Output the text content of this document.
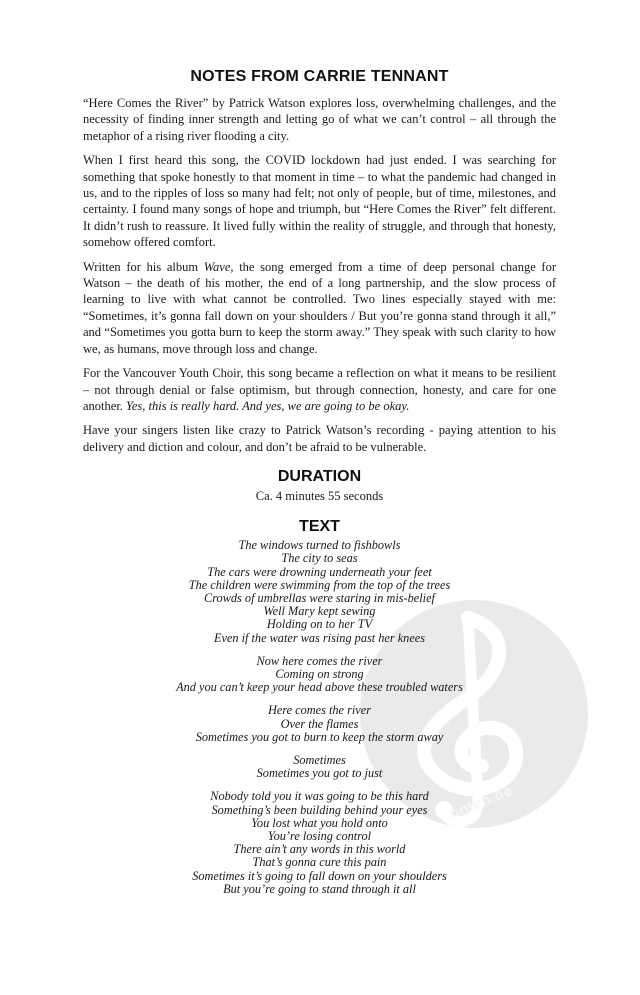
noten.de
NOTES FROM CARRIE TENNANT

“Here Comes the River” by Patrick Watson explores loss, overwhelming challenges, and the necessity of finding inner strength and letting go of what we can’t control – all through the metaphor of a rising river flooding a city.

When I first heard this song, the COVID lockdown had just ended. I was searching for something that spoke honestly to that moment in time – to what the pandemic had changed in us, and to the ripples of loss so many had felt; not only of people, but of time, milestones, and certainty. I found many songs of hope and triumph, but “Here Comes the River” felt different. It didn’t rush to reassure. It lived fully within the reality of struggle, and through that honesty, somehow offered comfort.

Written for his album Wave, the song emerged from a time of deep personal change for Watson – the death of his mother, the end of a long partnership, and the slow process of learning to live with what cannot be controlled. Two lines especially stayed with me: “Sometimes, it’s gonna fall down on your shoulders / But you’re gonna stand through it all,” and “Sometimes you gotta burn to keep the storm away.” They speak with such clarity to how we, as humans, move through loss and change.

For the Vancouver Youth Choir, this song became a reflection on what it means to be resilient – not through denial or false optimism, but through connection, honesty, and care for one another. Yes, this is really hard. And yes, we are going to be okay.

Have your singers listen like crazy to Patrick Watson’s recording - paying attention to his delivery and diction and colour, and don’t be afraid to be vulnerable.

DURATION
Ca. 4 minutes 55 seconds
TEXT
The windows turned to fishbowls
The city to seas
The cars were drowning underneath your feet
The children were swimming from the top of the trees
Crowds of umbrellas were staring in mis-belief
Well Mary kept sewing
Holding on to her TV
Even if the water was rising past her knees
Now here comes the river
Coming on strong
And you can’t keep your head above these troubled waters
Here comes the river
Over the flames
Sometimes you got to burn to keep the storm away
Sometimes
Sometimes you got to just
Nobody told you it was going to be this hard
Something’s been building behind your eyes
You lost what you hold onto
You’re losing control
There ain’t any words in this world
That’s gonna cure this pain
Sometimes it’s going to fall down on your shoulders
But you’re going to stand through it all
